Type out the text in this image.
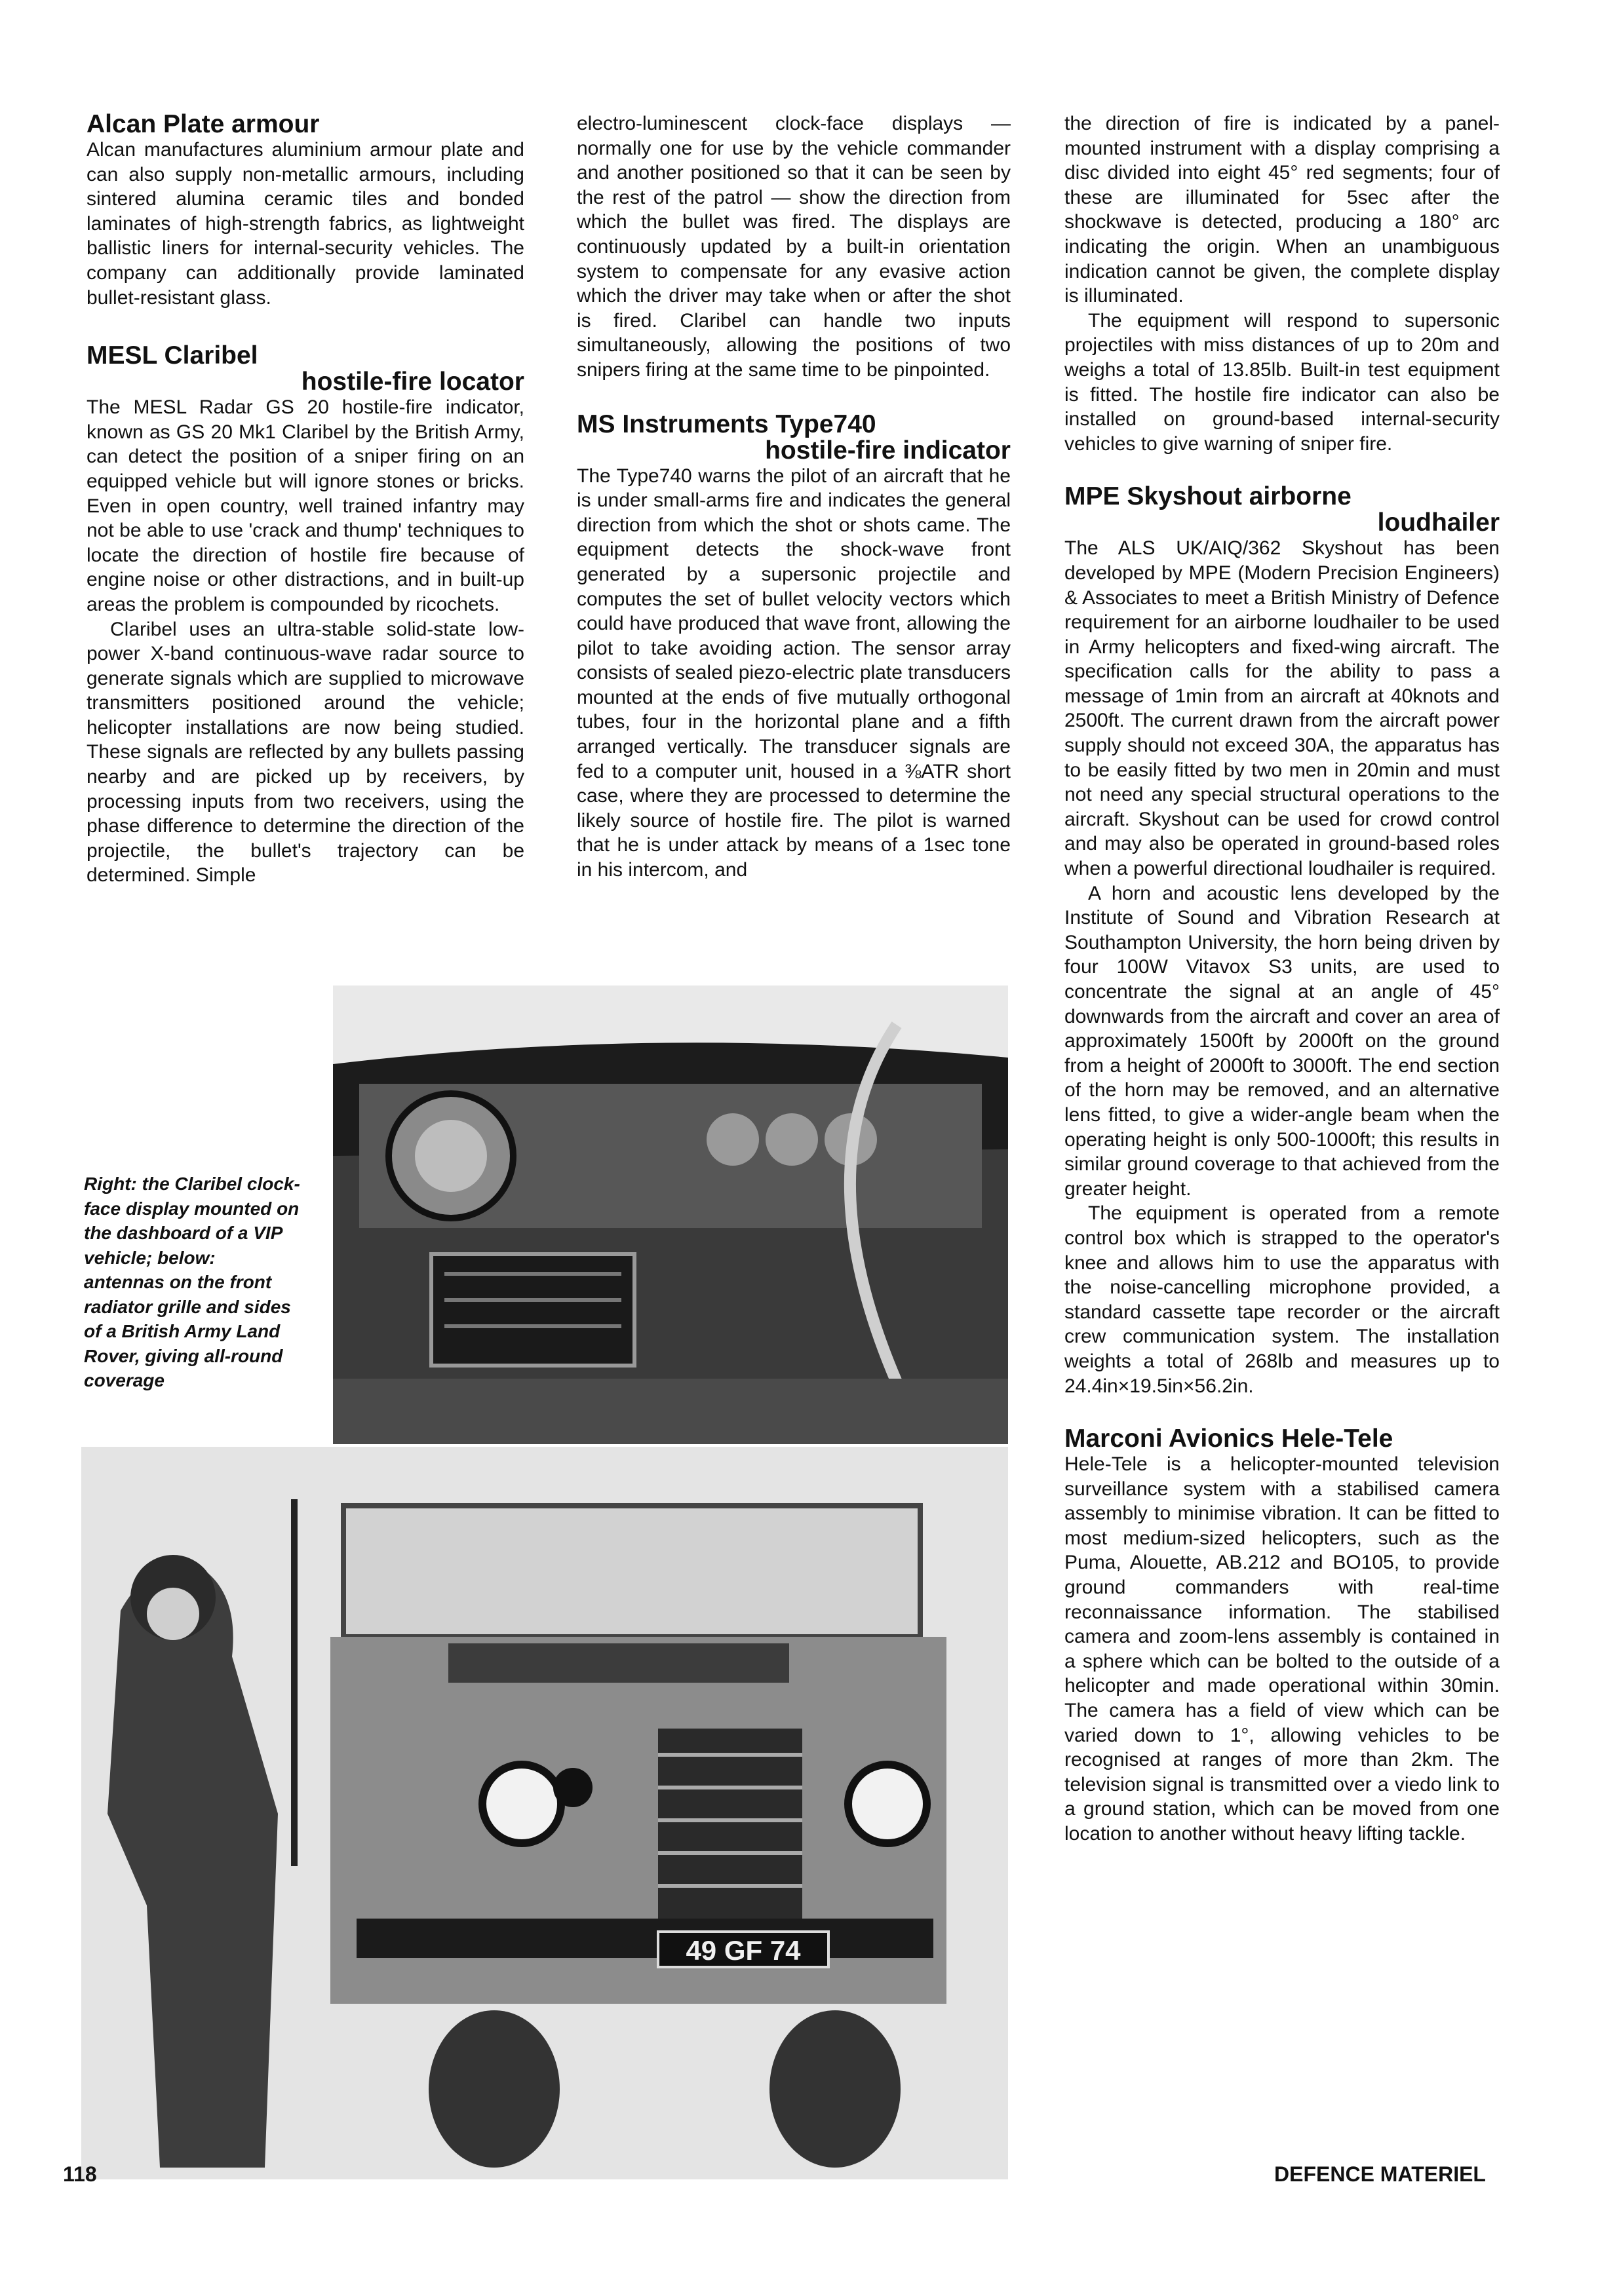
Alcan Plate armour

Alcan manufactures aluminium armour plate and can also supply non-metallic armours, including sintered alumina ceramic tiles and bonded laminates of high-strength fabrics, as lightweight ballistic liners for internal-security vehicles. The company can additionally provide laminated bullet-resistant glass.

MESL Claribel
hostile-fire locator

The MESL Radar GS 20 hostile-fire indicator, known as GS 20 Mk1 Claribel by the British Army, can detect the position of a sniper firing on an equipped vehicle but will ignore stones or bricks. Even in open country, well trained infantry may not be able to use 'crack and thump' techniques to locate the direction of hostile fire because of engine noise or other distractions, and in built-up areas the problem is compounded by ricochets.

Claribel uses an ultra-stable solid-state low-power X-band continuous-wave radar source to generate signals which are supplied to microwave transmitters positioned around the vehicle; helicopter installations are now being studied. These signals are reflected by any bullets passing nearby and are picked up by receivers, by processing inputs from two receivers, using the phase difference to determine the direction of the projectile, the bullet's trajectory can be determined. Simple

electro-luminescent clock-face displays — normally one for use by the vehicle commander and another positioned so that it can be seen by the rest of the patrol — show the direction from which the bullet was fired. The displays are continuously updated by a built-in orientation system to compensate for any evasive action which the driver may take when or after the shot is fired. Claribel can handle two inputs simultaneously, allowing the positions of two snipers firing at the same time to be pinpointed.

MS Instruments Type740
hostile-fire indicator

The Type740 warns the pilot of an aircraft that he is under small-arms fire and indicates the general direction from which the shot or shots came. The equipment detects the shock-wave front generated by a supersonic projectile and computes the set of bullet velocity vectors which could have produced that wave front, allowing the pilot to take avoiding action. The sensor array consists of sealed piezo-electric plate transducers mounted at the ends of five mutually orthogonal tubes, four in the horizontal plane and a fifth arranged vertically. The transducer signals are fed to a computer unit, housed in a ⅜ATR short case, where they are processed to determine the likely source of hostile fire. The pilot is warned that he is under attack by means of a 1sec tone in his intercom, and

the direction of fire is indicated by a panel-mounted instrument with a display comprising a disc divided into eight 45° red segments; four of these are illuminated for 5sec after the shockwave is detected, producing a 180° arc indicating the origin. When an unambiguous indication cannot be given, the complete display is illuminated.

The equipment will respond to supersonic projectiles with miss distances of up to 20m and weighs a total of 13.85lb. Built-in test equipment is fitted. The hostile fire indicator can also be installed on ground-based internal-security vehicles to give warning of sniper fire.

MPE Skyshout airborne
loudhailer

The ALS UK/AIQ/362 Skyshout has been developed by MPE (Modern Precision Engineers) & Associates to meet a British Ministry of Defence requirement for an airborne loudhailer to be used in Army helicopters and fixed-wing aircraft. The specification calls for the ability to pass a message of 1min from an aircraft at 40knots and 2500ft. The current drawn from the aircraft power supply should not exceed 30A, the apparatus has to be easily fitted by two men in 20min and must not need any special structural operations to the aircraft. Skyshout can be used for crowd control and may also be operated in ground-based roles when a powerful directional loudhailer is required.

A horn and acoustic lens developed by the Institute of Sound and Vibration Research at Southampton University, the horn being driven by four 100W Vitavox S3 units, are used to concentrate the signal at an angle of 45° downwards from the aircraft and cover an area of approximately 1500ft by 2000ft on the ground from a height of 2000ft to 3000ft. The end section of the horn may be removed, and an alternative lens fitted, to give a wider-angle beam when the operating height is only 500-1000ft; this results in similar ground coverage to that achieved from the greater height.

The equipment is operated from a remote control box which is strapped to the operator's knee and allows him to use the apparatus with the noise-cancelling microphone provided, a standard cassette tape recorder or the aircraft crew communication system. The installation weights a total of 268lb and measures up to 24.4in×19.5in×56.2in.

Marconi Avionics Hele-Tele

Hele-Tele is a helicopter-mounted television surveillance system with a stabilised camera assembly to minimise vibration. It can be fitted to most medium-sized helicopters, such as the Puma, Alouette, AB.212 and BO105, to provide ground commanders with real-time reconnaissance information. The stabilised camera and zoom-lens assembly is contained in a sphere which can be bolted to the outside of a helicopter and made operational within 30min. The camera has a field of view which can be varied down to 1°, allowing vehicles to be recognised at ranges of more than 2km. The television signal is transmitted over a viedo link to a ground station, which can be moved from one location to another without heavy lifting tackle.

49 GF 74
Right: the Claribel clock-face display mounted on the dashboard of a VIP vehicle; below: antennas on the front radiator grille and sides of a British Army Land Rover, giving all-round coverage
118	DEFENCE MATERIEL
